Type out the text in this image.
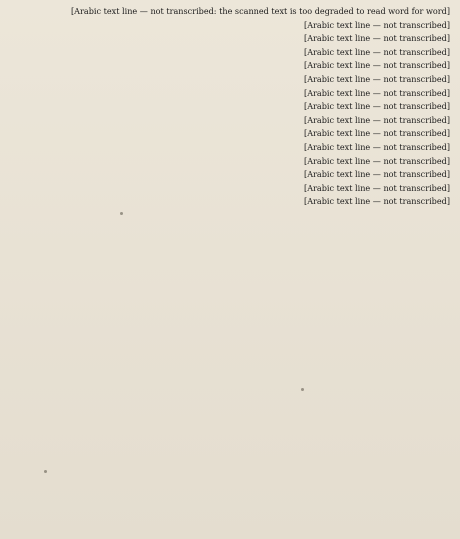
[Arabic text line — not transcribed: the scanned text is too degraded to read word for word]

[Arabic text line — not transcribed]

[Arabic text line — not transcribed]

[Arabic text line — not transcribed]

[Arabic text line — not transcribed]

[Arabic text line — not transcribed]

[Arabic text line — not transcribed]

[Arabic text line — not transcribed]

[Arabic text line — not transcribed]

[Arabic text line — not transcribed]

[Arabic text line — not transcribed]

[Arabic text line — not transcribed]

[Arabic text line — not transcribed]

[Arabic text line — not transcribed]

[Arabic text line — not transcribed]
